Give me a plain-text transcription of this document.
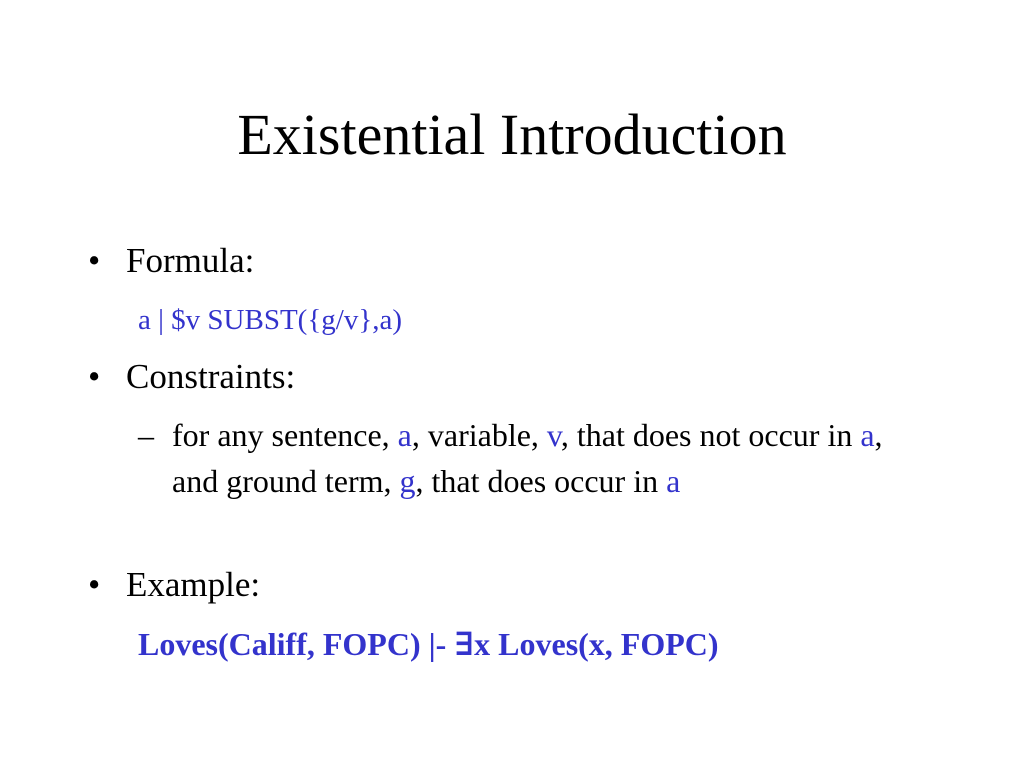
Existential Introduction
• Formula:
a | $v SUBST({g/v},a)
• Constraints:
– for any sentence, a, variable, v, that does not occur in a, and ground term, g, that does occur in a
• Example:
Loves(Califf, FOPC) |- ∃x Loves(x, FOPC)
